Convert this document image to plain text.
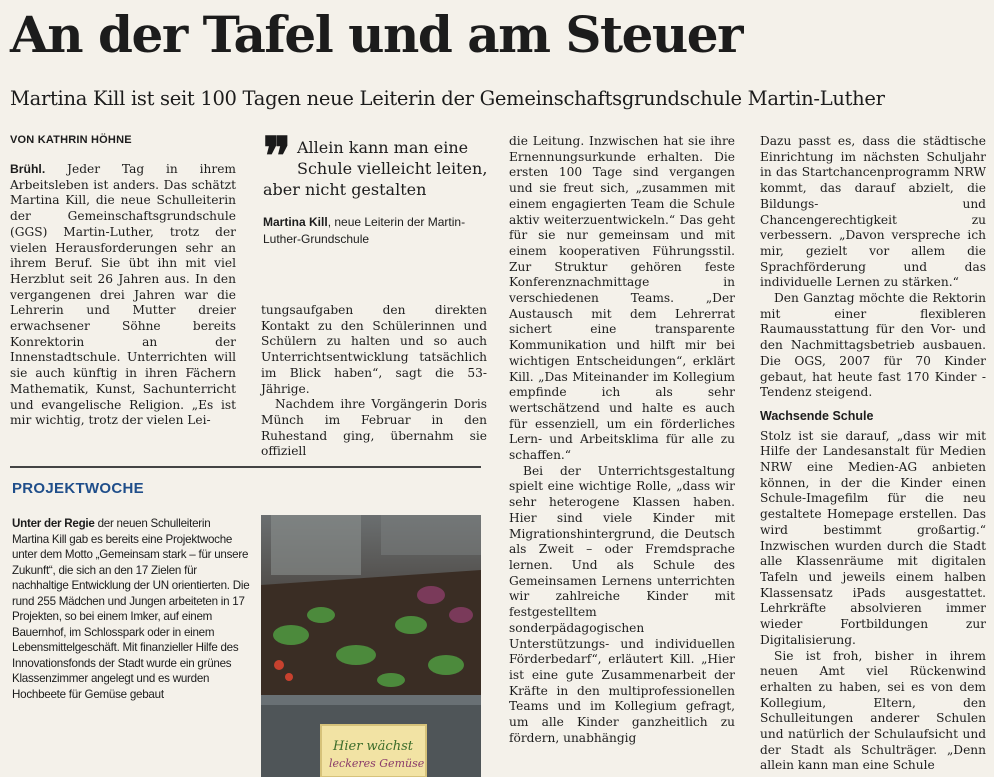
An der Tafel und am Steuer
Martina Kill ist seit 100 Tagen neue Leiterin der Gemeinschaftsgrundschule Martin-Luther
VON KATHRIN HÖHNE

Brühl. Jeder Tag in ihrem Arbeitsleben ist anders. Das schätzt Martina Kill, die neue Schulleiterin der Gemeinschaftsgrundschule (GGS) Martin-Luther, trotz der vielen Herausforderungen sehr an ihrem Beruf. Sie übt ihn mit viel Herzblut seit 26 Jahren aus. In den vergangenen drei Jahren war die Lehrerin und Mutter dreier erwachsener Söhne bereits Konrektorin an der Innenstadtschule. Unterrichten will sie auch künftig in ihren Fächern Mathematik, Kunst, Sachunterricht und evangelische Religion. „Es ist mir wichtig, trotz der vielen Lei-

❞ Allein kann man eine Schule vielleicht leiten, aber nicht gestalten
Martina Kill, neue Leiterin der Martin-Luther-Grundschule

tungsaufgaben den direkten Kontakt zu den Schülerinnen und Schülern zu halten und so auch Unterrichtsentwicklung tatsächlich im Blick haben“, sagt die 53-Jährige.

Nachdem ihre Vorgängerin Doris Münch im Februar in den Ruhestand ging, übernahm sie offiziell

die Leitung. Inzwischen hat sie ihre Ernennungsurkunde erhalten. Die ersten 100 Tage sind vergangen und sie freut sich, „zusammen mit einem engagierten Team die Schule aktiv weiterzuentwickeln.“ Das geht für sie nur gemeinsam und mit einem kooperativen Führungsstil. Zur Struktur gehören feste Konferenznachmittage in verschiedenen Teams. „Der Austausch mit dem Lehrerrat sichert eine transparente Kommunikation und hilft mir bei wichtigen Entscheidungen“, erklärt Kill. „Das Miteinander im Kollegium empfinde ich als sehr wertschätzend und halte es auch für essenziell, um ein förderliches Lern- und Arbeitsklima für alle zu schaffen.“

Bei der Unterrichtsgestaltung spielt eine wichtige Rolle, „dass wir sehr heterogene Klassen haben. Hier sind viele Kinder mit Migrationshintergrund, die Deutsch als Zweit – oder Fremdsprache lernen. Und als Schule des Gemeinsamen Lernens unterrichten wir zahlreiche Kinder mit festgestelltem sonderpädagogischen Unterstützungs- und individuellen Förderbedarf“, erläutert Kill. „Hier ist eine gute Zusammenarbeit der Kräfte in den multiprofessionellen Teams und im Kollegium gefragt, um alle Kinder ganzheitlich zu fördern, unabhängig

Dazu passt es, dass die städtische Einrichtung im nächsten Schuljahr in das Startchancenprogramm NRW kommt, das darauf abzielt, die Bildungs- und Chancengerechtigkeit zu verbessern. „Davon verspreche ich mir, gezielt vor allem die Sprachförderung und das individuelle Lernen zu stärken.“

Den Ganztag möchte die Rektorin mit einer flexibleren Raumausstattung für den Vor- und den Nachmittagsbetrieb ausbauen. Die OGS, 2007 für 70 Kinder gebaut, hat heute fast 170 Kinder - Tendenz steigend.

Wachsende Schule

Stolz ist sie darauf, „dass wir mit Hilfe der Landesanstalt für Medien NRW eine Medien-AG anbieten können, in der die Kinder einen Schule-Imagefilm für die neu gestaltete Homepage erstellen. Das wird bestimmt großartig.“ Inzwischen wurden durch die Stadt alle Klassenräume mit digitalen Tafeln und jeweils einem halben Klassensatz iPads ausgestattet. Lehrkräfte absolvieren immer wieder Fortbildungen zur Digitalisierung.

Sie ist froh, bisher in ihrem neuen Amt viel Rückenwind erhalten zu haben, sei es von dem Kollegium, Eltern, den Schulleitungen anderer Schulen und natürlich der Schulaufsicht und der Stadt als Schulträger. „Denn allein kann man eine Schule

PROJEKTWOCHE
Unter der Regie der neuen Schulleiterin Martina Kill gab es bereits eine Projektwoche unter dem Motto „Gemeinsam stark – für unsere Zukunft“, die sich an den 17 Zielen für nachhaltige Entwicklung der UN orientierten. Die rund 255 Mädchen und Jungen arbeiteten in 17 Projekten, so bei einem Imker, auf einem Bauernhof, im Schlosspark oder in einem Lebensmittelgeschäft. Mit finanzieller Hilfe des Innovationsfonds der Stadt wurde ein grünes Klassenzimmer angelegt und es wurden Hochbeete für Gemüse gebaut
Hier wächst
leckeres Gemüse
